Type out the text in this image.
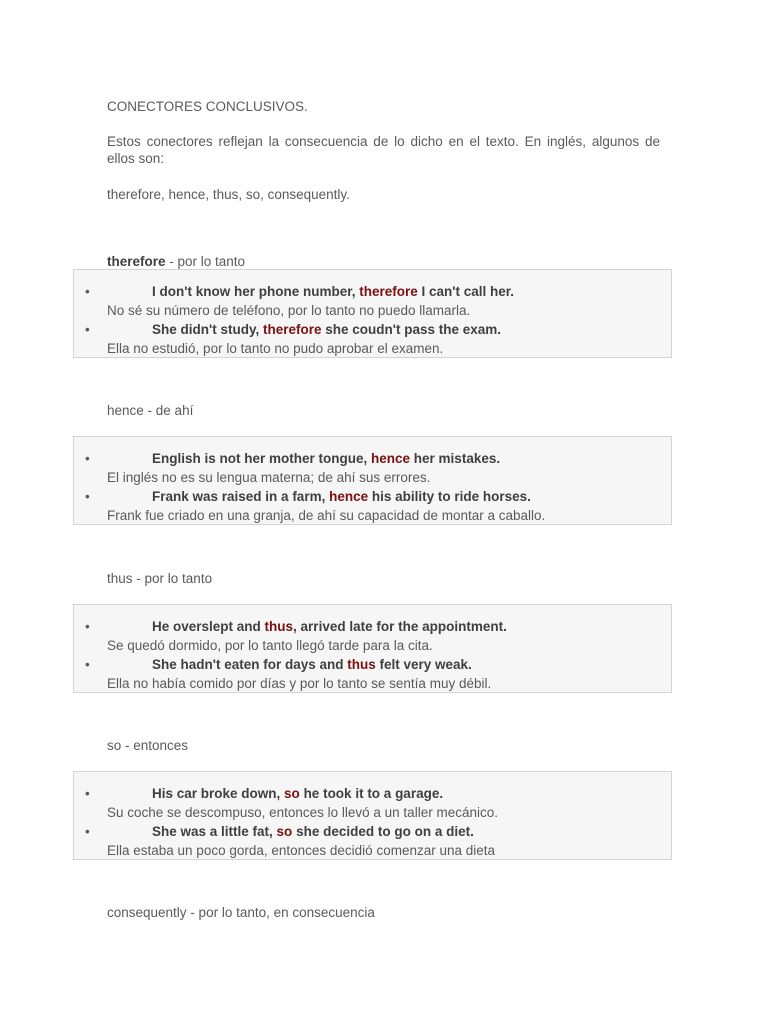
CONECTORES CONCLUSIVOS.

Estos conectores reflejan la consecuencia de lo dicho en el texto. En inglés, algunos de ellos son:

therefore, hence, thus, so, consequently.

therefore - por lo tanto

•	I don't know her phone number, therefore I can't call her.
No sé su número de teléfono, por lo tanto no puedo llamarla.
•	She didn't study, therefore she coudn't pass the exam.
Ella no estudió, por lo tanto no pudo aprobar el examen.

hence - de ahí

•	English is not her mother tongue, hence her mistakes.
El inglés no es su lengua materna; de ahí sus errores.
•	Frank was raised in a farm, hence his ability to ride horses.
Frank fue criado en una granja, de ahí su capacidad de montar a caballo.

thus - por lo tanto

•	He overslept and thus, arrived late for the appointment.
Se quedó dormido, por lo tanto llegó tarde para la cita.
•	She hadn't eaten for days and thus felt very weak.
Ella no había comido por días y por lo tanto se sentía muy débil.

so - entonces

•	His car broke down, so he took it to a garage.
Su coche se descompuso, entonces lo llevó a un taller mecánico.
•	She was a little fat, so she decided to go on a diet.
Ella estaba un poco gorda, entonces decidió comenzar una dieta

consequently - por lo tanto, en consecuencia
